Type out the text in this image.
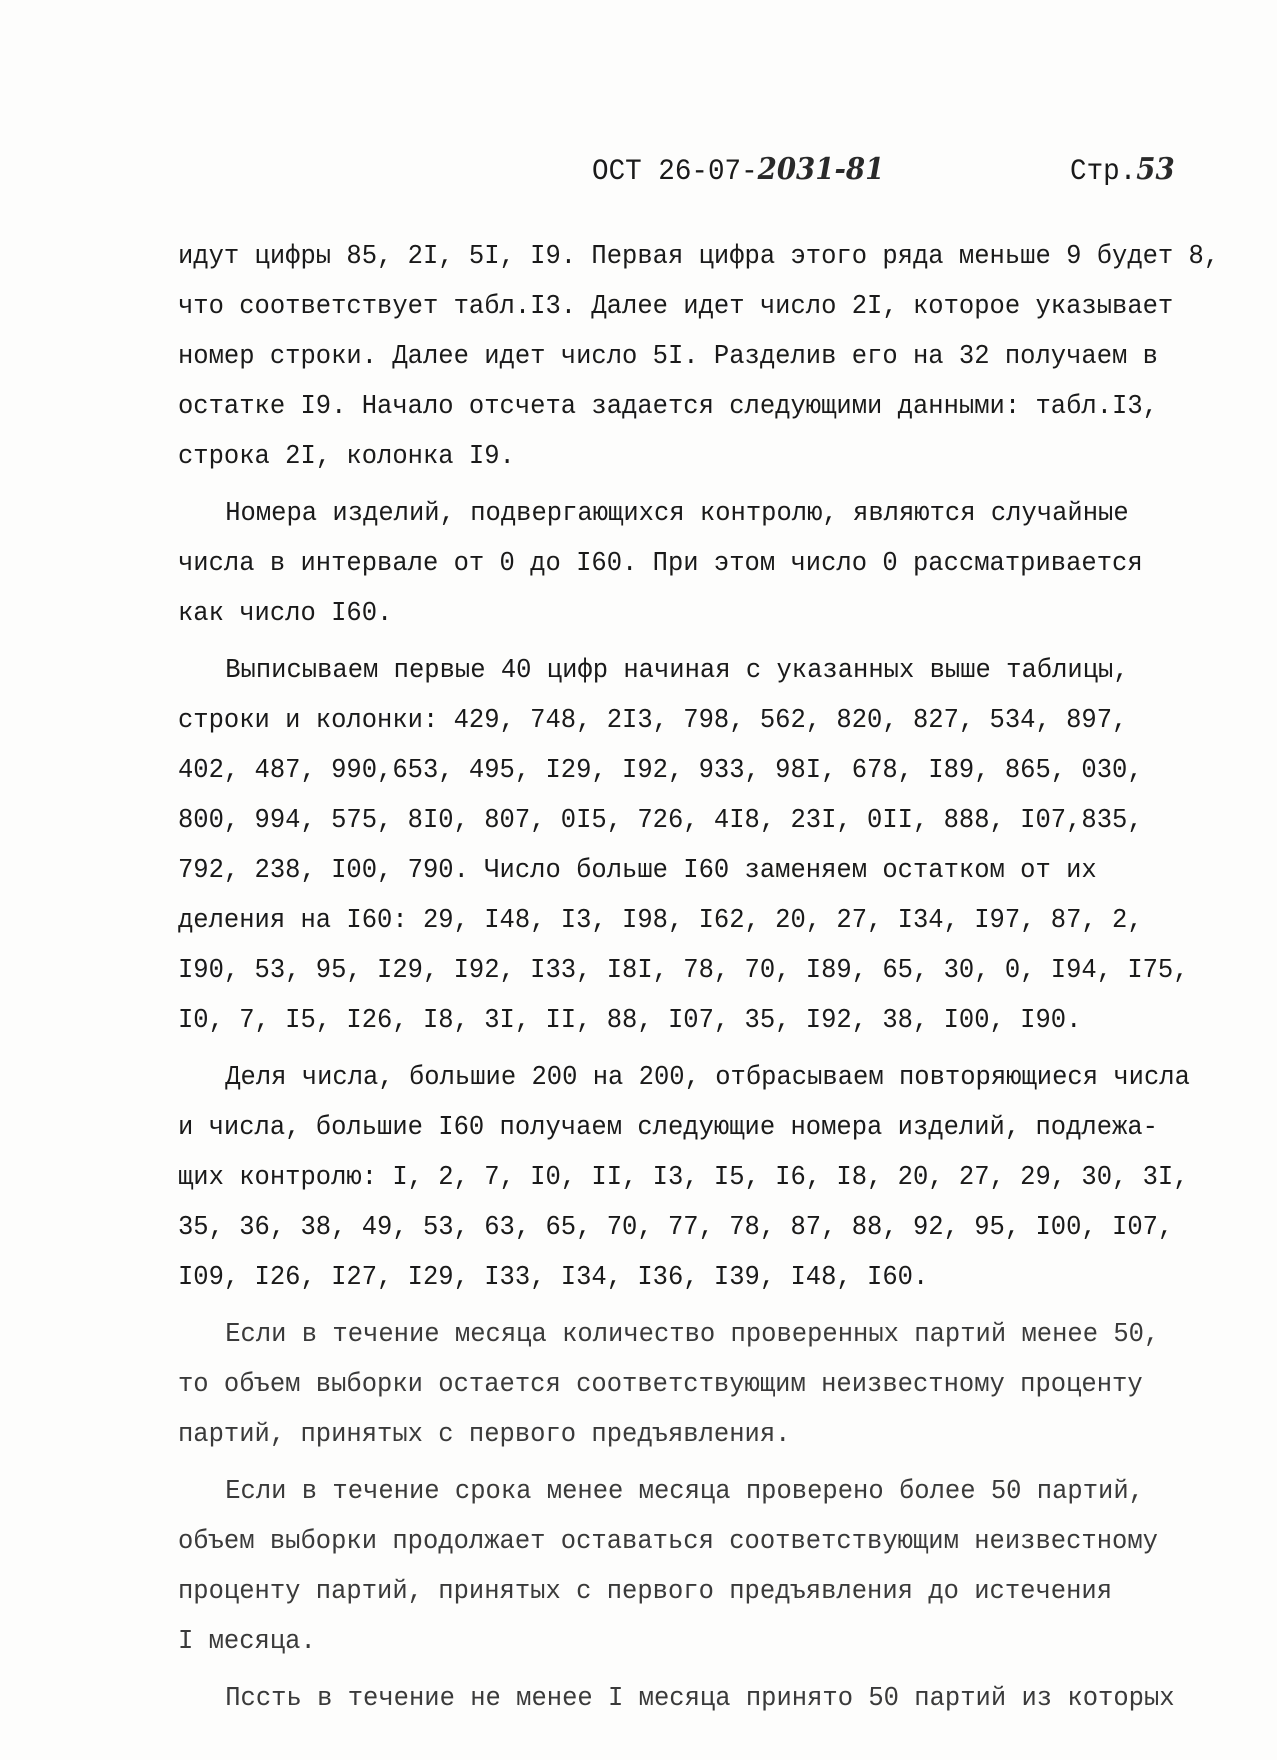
ОСТ 26-07-2031-81	Стр.53
идут цифры 85, 2I, 5I, I9. Первая цифра этого ряда меньше 9 будет 8,
что соответствует табл.I3. Далее идет число 2I, которое указывает
номер строки. Далее идет число 5I. Разделив его на 32 получаем в
остатке I9. Начало отсчета задается следующими данными: табл.I3,
строка 2I, колонка I9.
Номера изделий, подвергающихся контролю, являются случайные
числа в интервале от 0 до I60. При этом число 0 рассматривается
как число I60.
Выписываем первые 40 цифр начиная с указанных выше таблицы,
строки и колонки: 429, 748, 2I3, 798, 562, 820, 827, 534, 897,
402, 487, 990,653, 495, I29, I92, 933, 98I, 678, I89, 865, 030,
800, 994, 575, 8I0, 807, 0I5, 726, 4I8, 23I, 0II, 888, I07,835,
792, 238, I00, 790. Число больше I60 заменяем остатком от их
деления на I60: 29, I48, I3, I98, I62, 20, 27, I34, I97, 87, 2,
I90, 53, 95, I29, I92, I33, I8I, 78, 70, I89, 65, 30, 0, I94, I75,
I0, 7, I5, I26, I8, 3I, II, 88, I07, 35, I92, 38, I00, I90.
Деля числа, большие 200 на 200, отбрасываем повторяющиеся числа
и числа, большие I60 получаем следующие номера изделий, подлежа-
щих контролю: I, 2, 7, I0, II, I3, I5, I6, I8, 20, 27, 29, 30, 3I,
35, 36, 38, 49, 53, 63, 65, 70, 77, 78, 87, 88, 92, 95, I00, I07,
I09, I26, I27, I29, I33, I34, I36, I39, I48, I60.
Если в течение месяца количество проверенных партий менее 50,
то объем выборки остается соответствующим неизвестному проценту
партий, принятых с первого предъявления.
Если в течение срока менее месяца проверено более 50 партий,
объем выборки продолжает оставаться соответствующим неизвестному
проценту партий, принятых с первого предъявления до истечения
I месяца.
Пссть в течение не менее I месяца принято 50 партий из которых
